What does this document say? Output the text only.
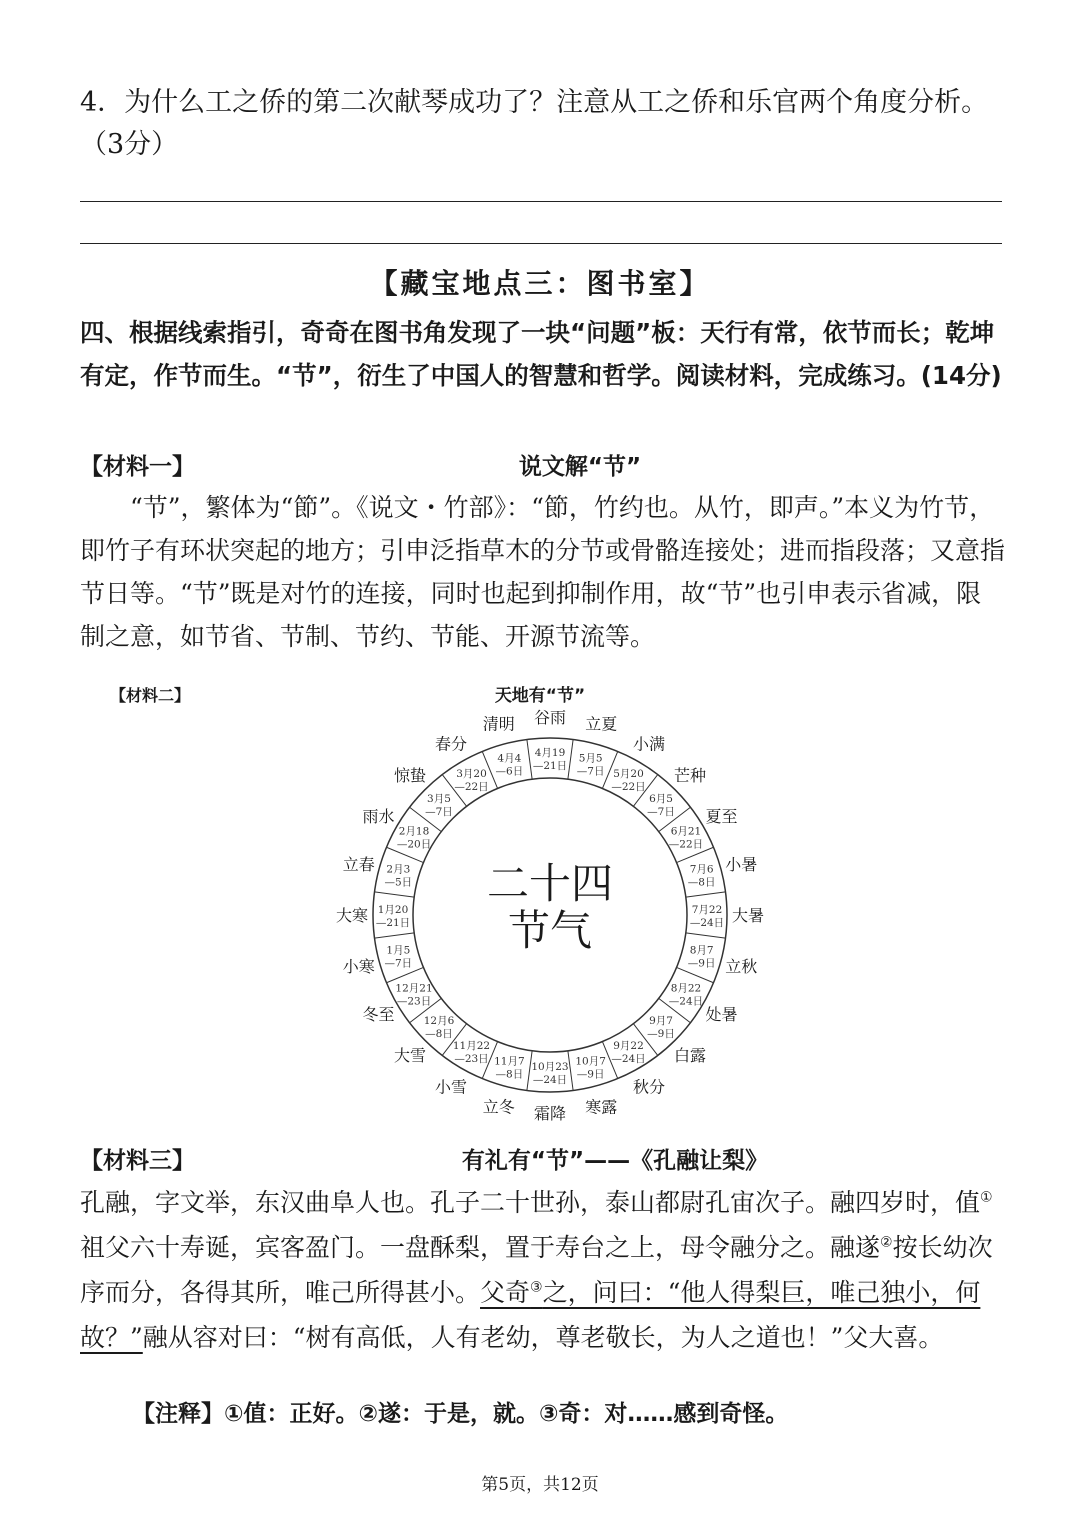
4．为什么工之侨的第二次献琴成功了？注意从工之侨和乐官两个角度分析。（3分）
【藏宝地点三：图书室】
四、根据线索指引，奇奇在图书角发现了一块“问题”板：天行有常，依节而长；乾坤有定，作节而生。“节”，衍生了中国人的智慧和哲学。阅读材料，完成练习。(14分)
【材料一】	说文解“节”
“节”，繁体为“節”。《说文・竹部》：“節，竹约也。从竹，即声。”本义为竹节，即竹子有环状突起的地方；引申泛指草木的分节或骨骼连接处；进而指段落；又意指节日等。“节”既是对竹的连接，同时也起到抑制作用，故“节”也引申表示省减，限制之意，如节省、节制、节约、节能、开源节流等。
【材料二】	天地有“节”
2月3
—5日
2月18
—20日
3月5
—7日
3月20
—22日
4月4
—6日
4月19
—21日
5月5
—7日 5月20
—22日
6月5
—7日
6月21
—22日
7月6
—8日
7月22
—24日
8月7
—9日
8月22
—24日
9月7
—9日
9月22
—24日
10月7
—9日
10月23
—24日
11月7
—8日
11月22
—23日
12月6
—8日
12月21
—23日
1月5
—7日
1月20
—21日
立春
雨水
惊蛰
春分
清明 谷雨 立夏
小满
芒种
夏至
小暑
大暑
立秋
处暑
白露
秋分
寒露
霜降
立冬
小雪
大雪
冬至
小寒
大寒
二十四
节气
【材料三】	有礼有“节”——《孔融让梨》
孔融，字文举，东汉曲阜人也。孔子二十世孙，泰山都尉孔宙次子。融四岁时，值①祖父六十寿诞，宾客盈门。一盘酥梨，置于寿台之上，母令融分之。融遂②按长幼次序而分，各得其所，唯己所得甚小。父奇③之，问曰：“他人得梨巨，唯己独小，何故？”融从容对曰：“树有高低，人有老幼，尊老敬长，为人之道也！”父大喜。
【注释】①值：正好。②遂：于是，就。③奇：对……感到奇怪。
第5页，共12页
